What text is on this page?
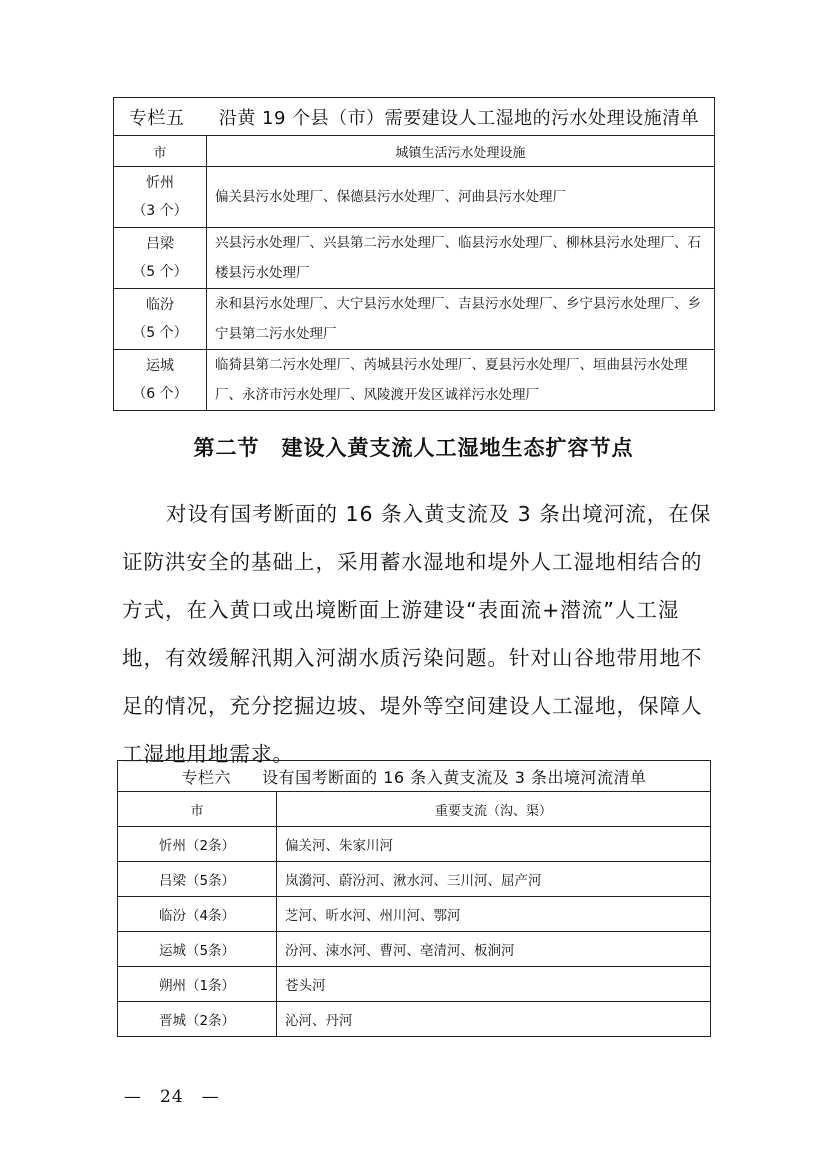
专栏五 沿黄 19 个县（市）需要建设人工湿地的污水处理设施清单	
市	城镇生活污水处理设施

忻州
（3 个）	偏关县污水处理厂、保德县污水处理厂、河曲县污水处理厂

吕梁
（5 个）	兴县污水处理厂、兴县第二污水处理厂、临县污水处理厂、柳林县污水处理厂、石楼县污水处理厂

临汾
（5 个）	永和县污水处理厂、大宁县污水处理厂、吉县污水处理厂、乡宁县污水处理厂、乡宁县第二污水处理厂

运城
（6 个）	临猗县第二污水处理厂、芮城县污水处理厂、夏县污水处理厂、垣曲县污水处理厂、永济市污水处理厂、风陵渡开发区诚祥污水处理厂
第二节 建设入黄支流人工湿地生态扩容节点
对设有国考断面的 16 条入黄支流及 3 条出境河流，在保证防洪安全的基础上，采用蓄水湿地和堤外人工湿地相结合的方式，在入黄口或出境断面上游建设“表面流+潜流”人工湿地，有效缓解汛期入河湖水质污染问题。针对山谷地带用地不足的情况，充分挖掘边坡、堤外等空间建设人工湿地，保障人工湿地用地需求。
专栏六 设有国考断面的 16 条入黄支流及 3 条出境河流清单	
市	重要支流（沟、渠）
忻州（2条）	偏关河、朱家川河
吕梁（5条）	岚漪河、蔚汾河、湫水河、三川河、屈产河
临汾（4条）	芝河、昕水河、州川河、鄂河
运城（5条）	汾河、涑水河、曹河、亳清河、板涧河
朔州（1条）	苍头河
晋城（2条）	沁河、丹河
—　24　—
